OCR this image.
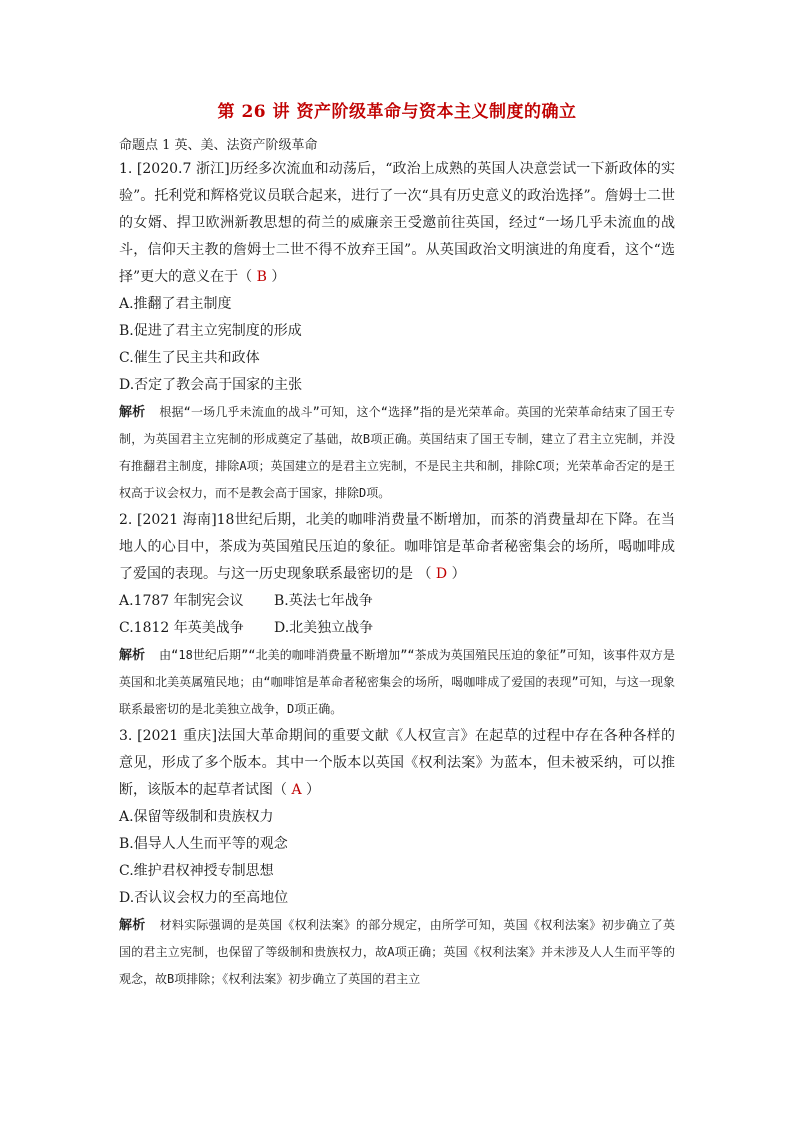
第 26 讲 资产阶级革命与资本主义制度的确立
命题点 1 英、美、法资产阶级革命

1. [2020.7 浙江]历经多次流血和动荡后，“政治上成熟的英国人决意尝试一下新政体的实验”。托利党和辉格党议员联合起来，进行了一次“具有历史意义的政治选择”。詹姆士二世的女婿、捍卫欧洲新教思想的荷兰的威廉亲王受邀前往英国，经过“一场几乎未流血的战斗，信仰天主教的詹姆士二世不得不放弃王国”。从英国政治文明演进的角度看，这个“选择”更大的意义在于（ B ）

A.推翻了君主制度

B.促进了君主立宪制度的形成

C.催生了民主共和政体

D.否定了教会高于国家的主张

解析 根据“一场几乎未流血的战斗”可知，这个“选择”指的是光荣革命。英国的光荣革命结束了国王专制，为英国君主立宪制的形成奠定了基础，故B项正确。英国结束了国王专制，建立了君主立宪制，并没有推翻君主制度，排除A项；英国建立的是君主立宪制，不是民主共和制，排除C项；光荣革命否定的是王权高于议会权力，而不是教会高于国家，排除D项。

2. [2021 海南]18世纪后期，北美的咖啡消费量不断增加，而茶的消费量却在下降。在当地人的心目中，茶成为英国殖民压迫的象征。咖啡馆是革命者秘密集会的场所，喝咖啡成了爱国的表现。与这一历史现象联系最密切的是 （ D ）

A.1787 年制宪会议	B.英法七年战争
C.1812 年英美战争	D.北美独立战争

解析 由“18世纪后期”“北美的咖啡消费量不断增加”“茶成为英国殖民压迫的象征”可知，该事件双方是英国和北美英属殖民地；由“咖啡馆是革命者秘密集会的场所，喝咖啡成了爱国的表现”可知，与这一现象联系最密切的是北美独立战争，D项正确。

3. [2021 重庆]法国大革命期间的重要文献《人权宣言》在起草的过程中存在各种各样的意见，形成了多个版本。其中一个版本以英国《权利法案》为蓝本，但未被采纳，可以推断，该版本的起草者试图（ A ）

A.保留等级制和贵族权力

B.倡导人人生而平等的观念

C.维护君权神授专制思想

D.否认议会权力的至高地位

解析 材料实际强调的是英国《权利法案》的部分规定，由所学可知，英国《权利法案》初步确立了英国的君主立宪制，也保留了等级制和贵族权力，故A项正确；英国《权利法案》并未涉及人人生而平等的观念，故B项排除；《权利法案》初步确立了英国的君主立
